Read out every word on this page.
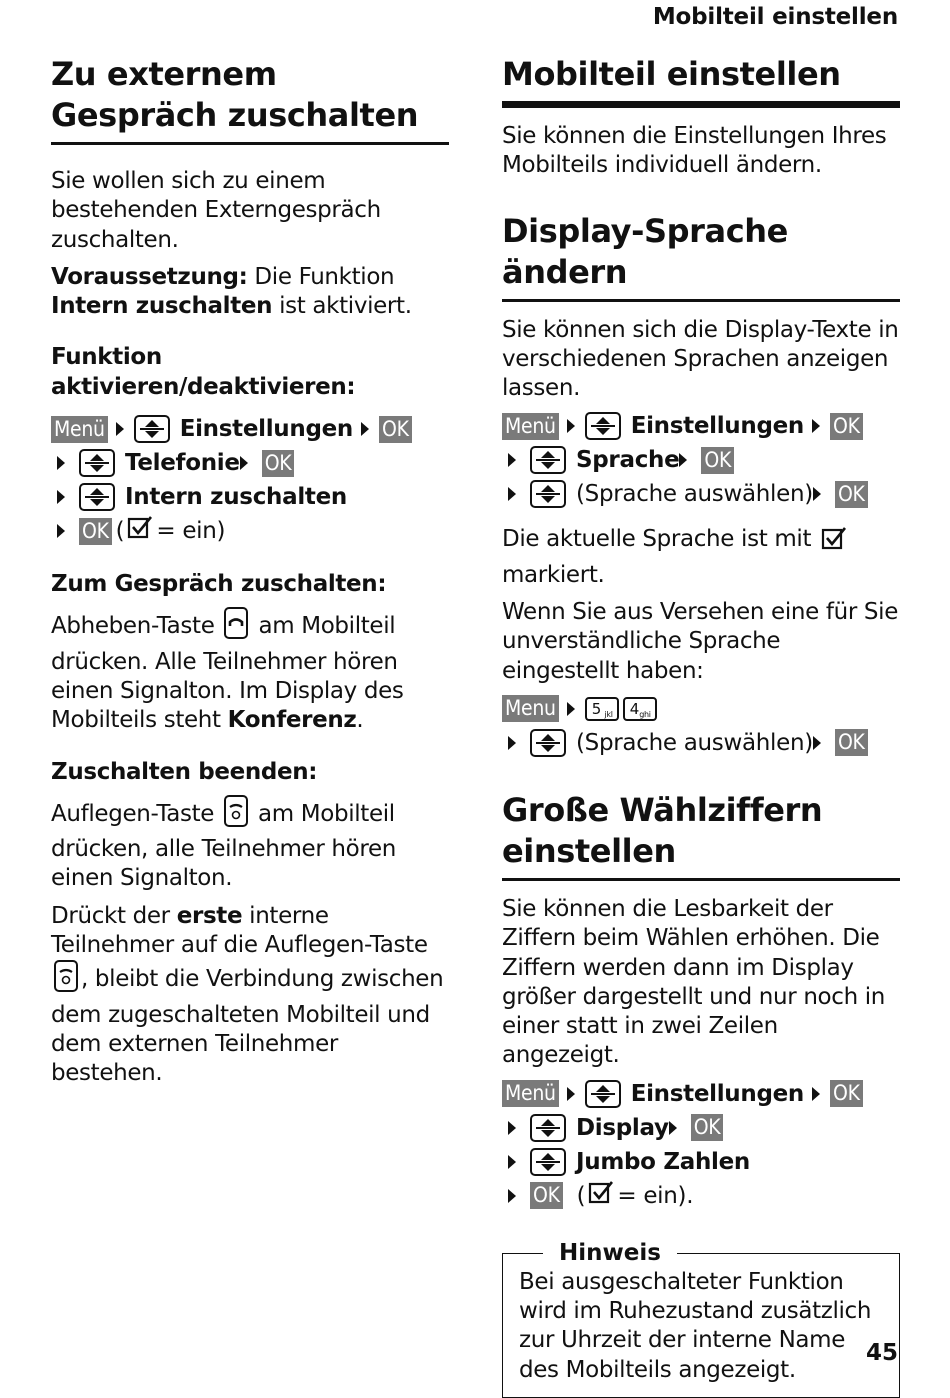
Mobilteil einstellen
Zu externem Gespräch zuschalten

Sie wollen sich zu einem bestehenden Externgespräch zuschalten.

Voraussetzung: Die Funktion Intern zuschalten ist aktiviert.

Funktion aktivieren/deaktivieren:

Menü	Einstellungen OK
Telefonie OK
Intern zuschalten
OK ( = ein)

Zum Gespräch zuschalten:

Abheben-Taste  am Mobilteil drücken. Alle Teilnehmer hören einen Signalton. Im Display des Mobilteils steht Konferenz.

Zuschalten beenden:

Auflegen-Taste  am Mobilteil drücken, alle Teilnehmer hören einen Signalton.

Drückt der erste interne Teilnehmer auf die Auflegen-Taste , bleibt die Verbindung zwischen dem zugeschalteten Mobilteil und dem externen Teilnehmer bestehen.

Mobilteil einstellen

Sie können die Einstellungen Ihres Mobilteils individuell ändern.

Display-Sprache ändern

Sie können sich die Display-Texte in verschiedenen Sprachen anzeigen lassen.

Menü	Einstellungen OK
Sprache OK
(Sprache auswählen) OK

Die aktuelle Sprache ist mit  markiert.

Wenn Sie aus Versehen eine für Sie unverständliche Sprache eingestellt haben:

Menu	5 jkl	4 ghi
(Sprache auswählen) OK
Große Wählziffern einstellen

Sie können die Lesbarkeit der Ziffern beim Wählen erhöhen. Die Ziffern werden dann im Display größer dargestellt und nur noch in einer statt in zwei Zeilen angezeigt.

Menü	Einstellungen OK
Display OK
Jumbo Zahlen
OK ( = ein).
Hinweis

Bei ausgeschalteter Funktion wird im Ruhezustand zusätzlich zur Uhrzeit der interne Name des Mobilteils angezeigt.

45
